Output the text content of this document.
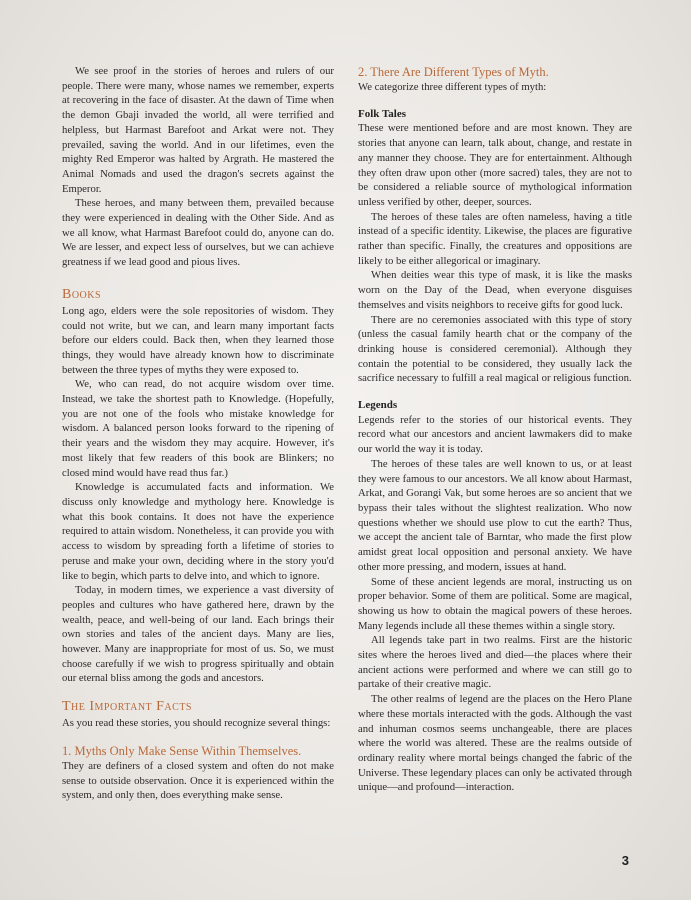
We see proof in the stories of heroes and rulers of our people. There were many, whose names we remember, experts at recovering in the face of disaster. At the dawn of Time when the demon Gbaji invaded the world, all were terrified and helpless, but Harmast Barefoot and Arkat were not. They prevailed, saving the world. And in our lifetimes, even the mighty Red Emperor was halted by Argrath. He mastered the Animal Nomads and used the dragon's secrets against the Emperor.

These heroes, and many between them, prevailed because they were experienced in dealing with the Other Side. And as we all know, what Harmast Barefoot could do, anyone can do. We are lesser, and expect less of ourselves, but we can achieve greatness if we lead good and pious lives.

Books

Long ago, elders were the sole repositories of wisdom. They could not write, but we can, and learn many important facts before our elders could. Back then, when they learned those things, they would have already known how to discriminate between the three types of myths they were exposed to.

We, who can read, do not acquire wisdom over time. Instead, we take the shortest path to Knowledge. (Hopefully, you are not one of the fools who mistake knowledge for wisdom. A balanced person looks forward to the ripening of their years and the wisdom they may acquire. However, it's most likely that few readers of this book are Blinkers; no closed mind would have read thus far.)

Knowledge is accumulated facts and information. We discuss only knowledge and mythology here. Knowledge is what this book contains. It does not have the experience required to attain wisdom. Nonetheless, it can provide you with access to wisdom by spreading forth a lifetime of stories to peruse and make your own, deciding where in the story you'd like to begin, which parts to delve into, and which to ignore.

Today, in modern times, we experience a vast diversity of peoples and cultures who have gathered here, drawn by the wealth, peace, and well-being of our land. Each brings their own stories and tales of the ancient days. Many are lies, however. Many are inappropriate for most of us. So, we must choose carefully if we wish to progress spiritually and obtain our eternal bliss among the gods and ancestors.

The Important Facts

As you read these stories, you should recognize several things:

1. Myths Only Make Sense Within Themselves.

They are definers of a closed system and often do not make sense to outside observation. Once it is experienced within the system, and only then, does everything make sense.

2. There Are Different Types of Myth.

We categorize three different types of myth:

Folk Tales

These were mentioned before and are most known. They are stories that anyone can learn, talk about, change, and restate in any manner they choose. They are for entertainment. Although they often draw upon other (more sacred) tales, they are not to be considered a reliable source of mythological information unless verified by other, deeper, sources.

The heroes of these tales are often nameless, having a title instead of a specific identity. Likewise, the places are figurative rather than specific. Finally, the creatures and oppositions are likely to be either allegorical or imaginary.

When deities wear this type of mask, it is like the masks worn on the Day of the Dead, when everyone disguises themselves and visits neighbors to receive gifts for good luck.

There are no ceremonies associated with this type of story (unless the casual family hearth chat or the company of the drinking house is considered ceremonial). Although they contain the potential to be considered, they usually lack the sacrifice necessary to fulfill a real magical or religious function.

Legends

Legends refer to the stories of our historical events. They record what our ancestors and ancient lawmakers did to make our world the way it is today.

The heroes of these tales are well known to us, or at least they were famous to our ancestors. We all know about Harmast, Arkat, and Gorangi Vak, but some heroes are so ancient that we bypass their tales without the slightest realization. Who now questions whether we should use plow to cut the earth? Thus, we accept the ancient tale of Barntar, who made the first plow amidst great local opposition and personal anxiety. We have other more pressing, and modern, issues at hand.

Some of these ancient legends are moral, instructing us on proper behavior. Some of them are political. Some are magical, showing us how to obtain the magical powers of these heroes. Many legends include all these themes within a single story.

All legends take part in two realms. First are the historic sites where the heroes lived and died—the places where their ancient actions were performed and where we can still go to partake of their creative magic.

The other realms of legend are the places on the Hero Plane where these mortals interacted with the gods. Although the vast and inhuman cosmos seems unchangeable, there are places where the world was altered. These are the realms outside of ordinary reality where mortal beings changed the fabric of the Universe. These legendary places can only be activated through unique—and profound—interaction.

3
